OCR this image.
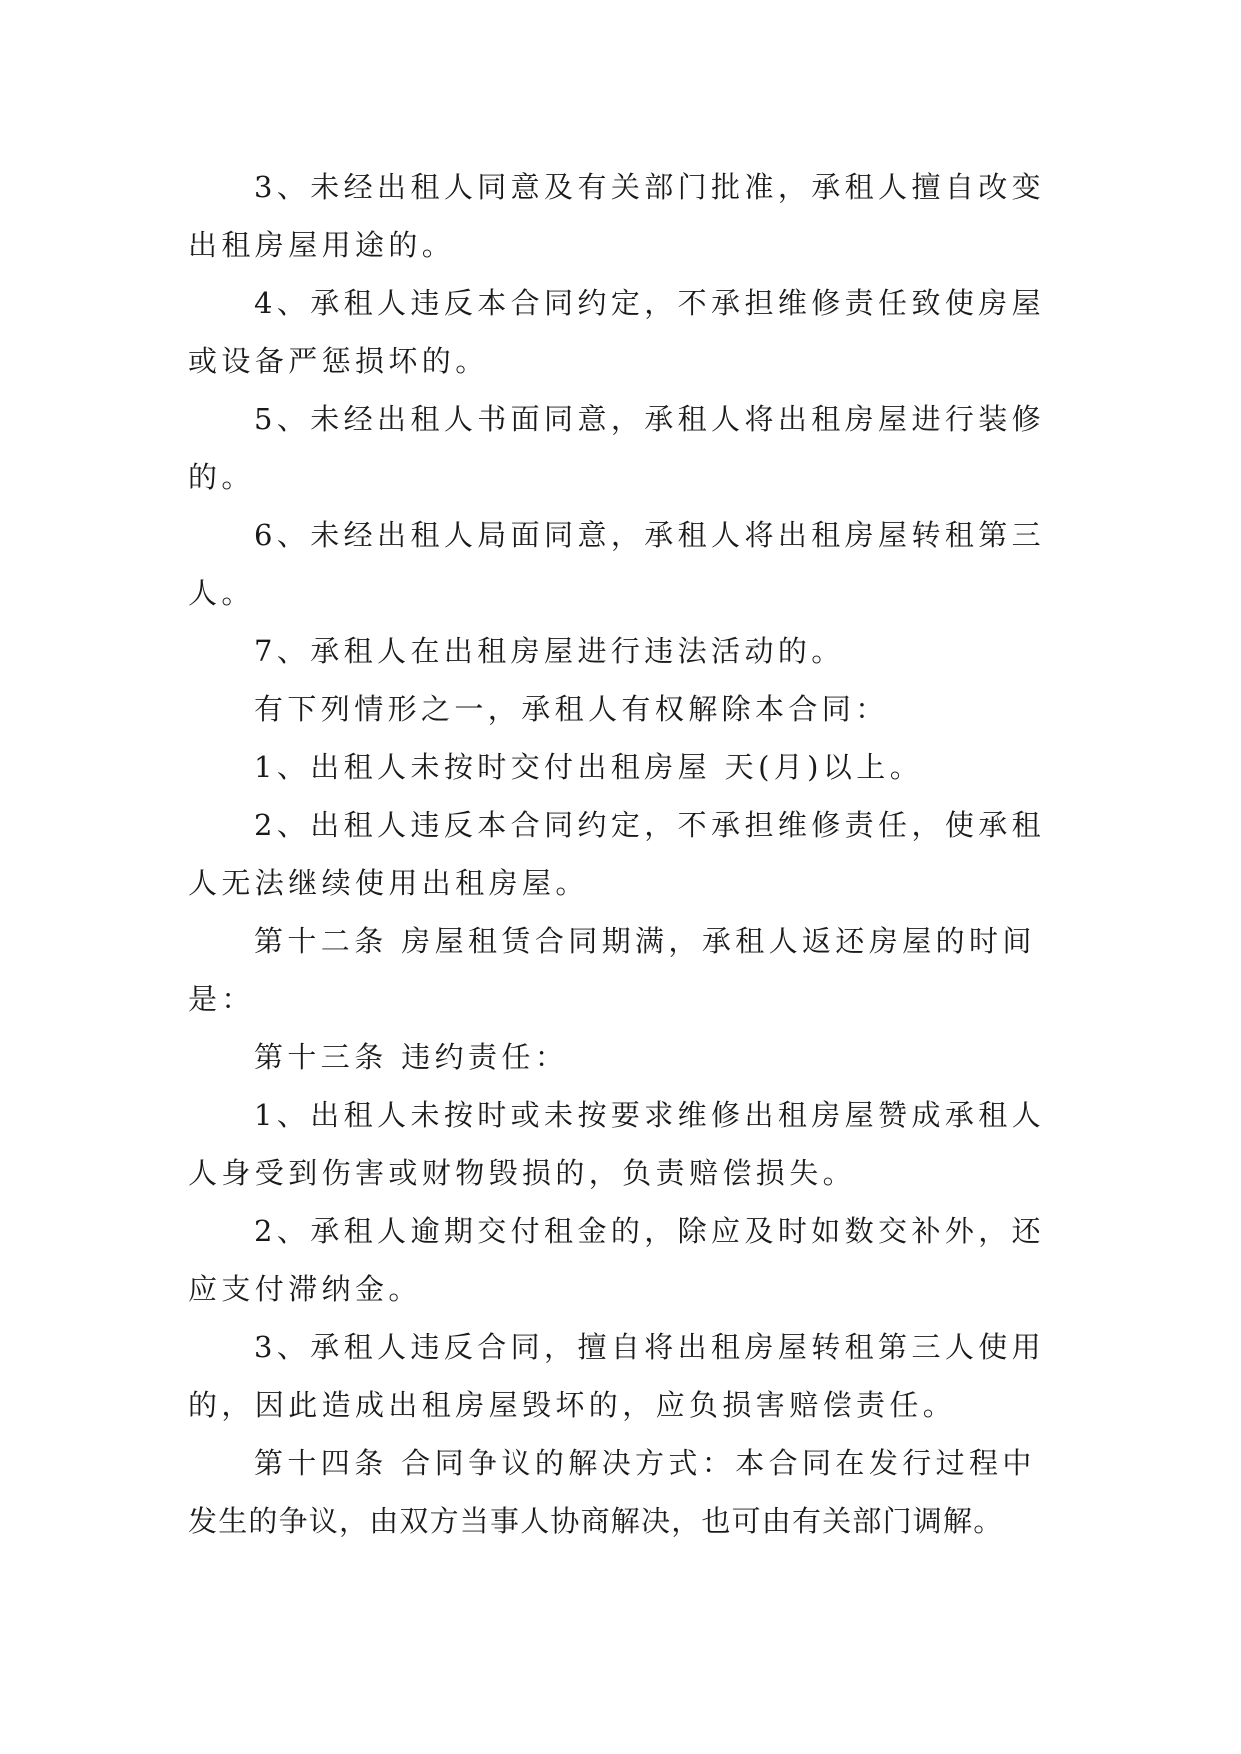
3、未经出租人同意及有关部门批准，承租人擅自改变
出租房屋用途的。
4、承租人违反本合同约定，不承担维修责任致使房屋
或设备严惩损坏的。
5、未经出租人书面同意，承租人将出租房屋进行装修
的。
6、未经出租人局面同意，承租人将出租房屋转租第三
人。
7、承租人在出租房屋进行违法活动的。
有下列情形之一，承租人有权解除本合同：
1、出租人未按时交付出租房屋 天(月)以上。
2、出租人违反本合同约定，不承担维修责任，使承租
人无法继续使用出租房屋。
第十二条 房屋租赁合同期满，承租人返还房屋的时间
是：
第十三条 违约责任：
1、出租人未按时或未按要求维修出租房屋赞成承租人
人身受到伤害或财物毁损的，负责赔偿损失。
2、承租人逾期交付租金的，除应及时如数交补外，还
应支付滞纳金。
3、承租人违反合同，擅自将出租房屋转租第三人使用
的，因此造成出租房屋毁坏的，应负损害赔偿责任。
第十四条 合同争议的解决方式：本合同在发行过程中
发生的争议，由双方当事人协商解决，也可由有关部门调解。
